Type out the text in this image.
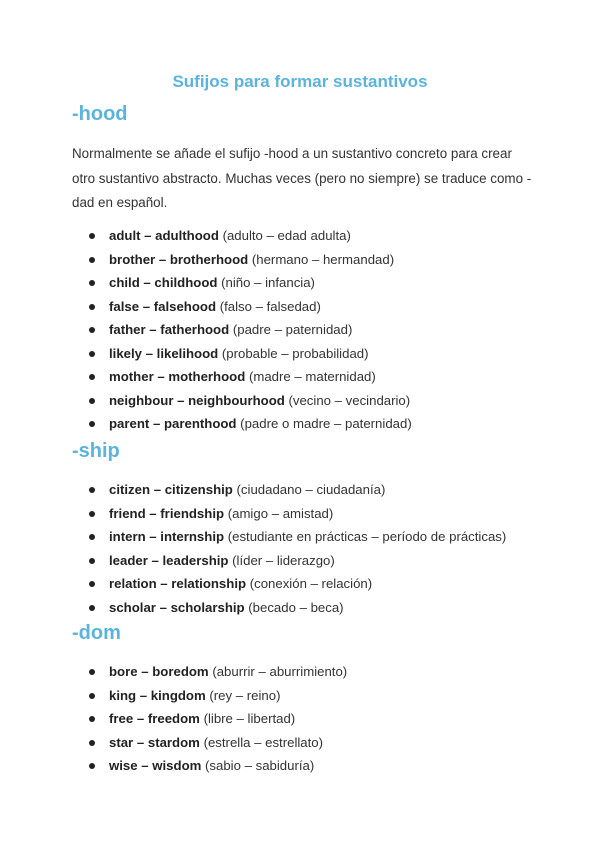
Sufijos para formar sustantivos
-hood

Normalmente se añade el sufijo -hood a un sustantivo concreto para crear otro sustantivo abstracto. Muchas veces (pero no siempre) se traduce como -dad en español.

adult – adulthood (adulto – edad adulta)
brother – brotherhood (hermano – hermandad)
child – childhood (niño – infancia)
false – falsehood (falso – falsedad)
father – fatherhood (padre – paternidad)
likely – likelihood (probable – probabilidad)
mother – motherhood (madre – maternidad)
neighbour – neighbourhood (vecino – vecindario)
parent – parenthood (padre o madre – paternidad)
-ship
citizen – citizenship (ciudadano – ciudadanía)
friend – friendship (amigo – amistad)
intern – internship (estudiante en prácticas – período de prácticas)
leader – leadership (líder – liderazgo)
relation – relationship (conexión – relación)
scholar – scholarship (becado – beca)
-dom
bore – boredom (aburrir – aburrimiento)
king – kingdom (rey – reino)
free – freedom (libre – libertad)
star – stardom (estrella – estrellato)
wise – wisdom (sabio – sabiduría)
